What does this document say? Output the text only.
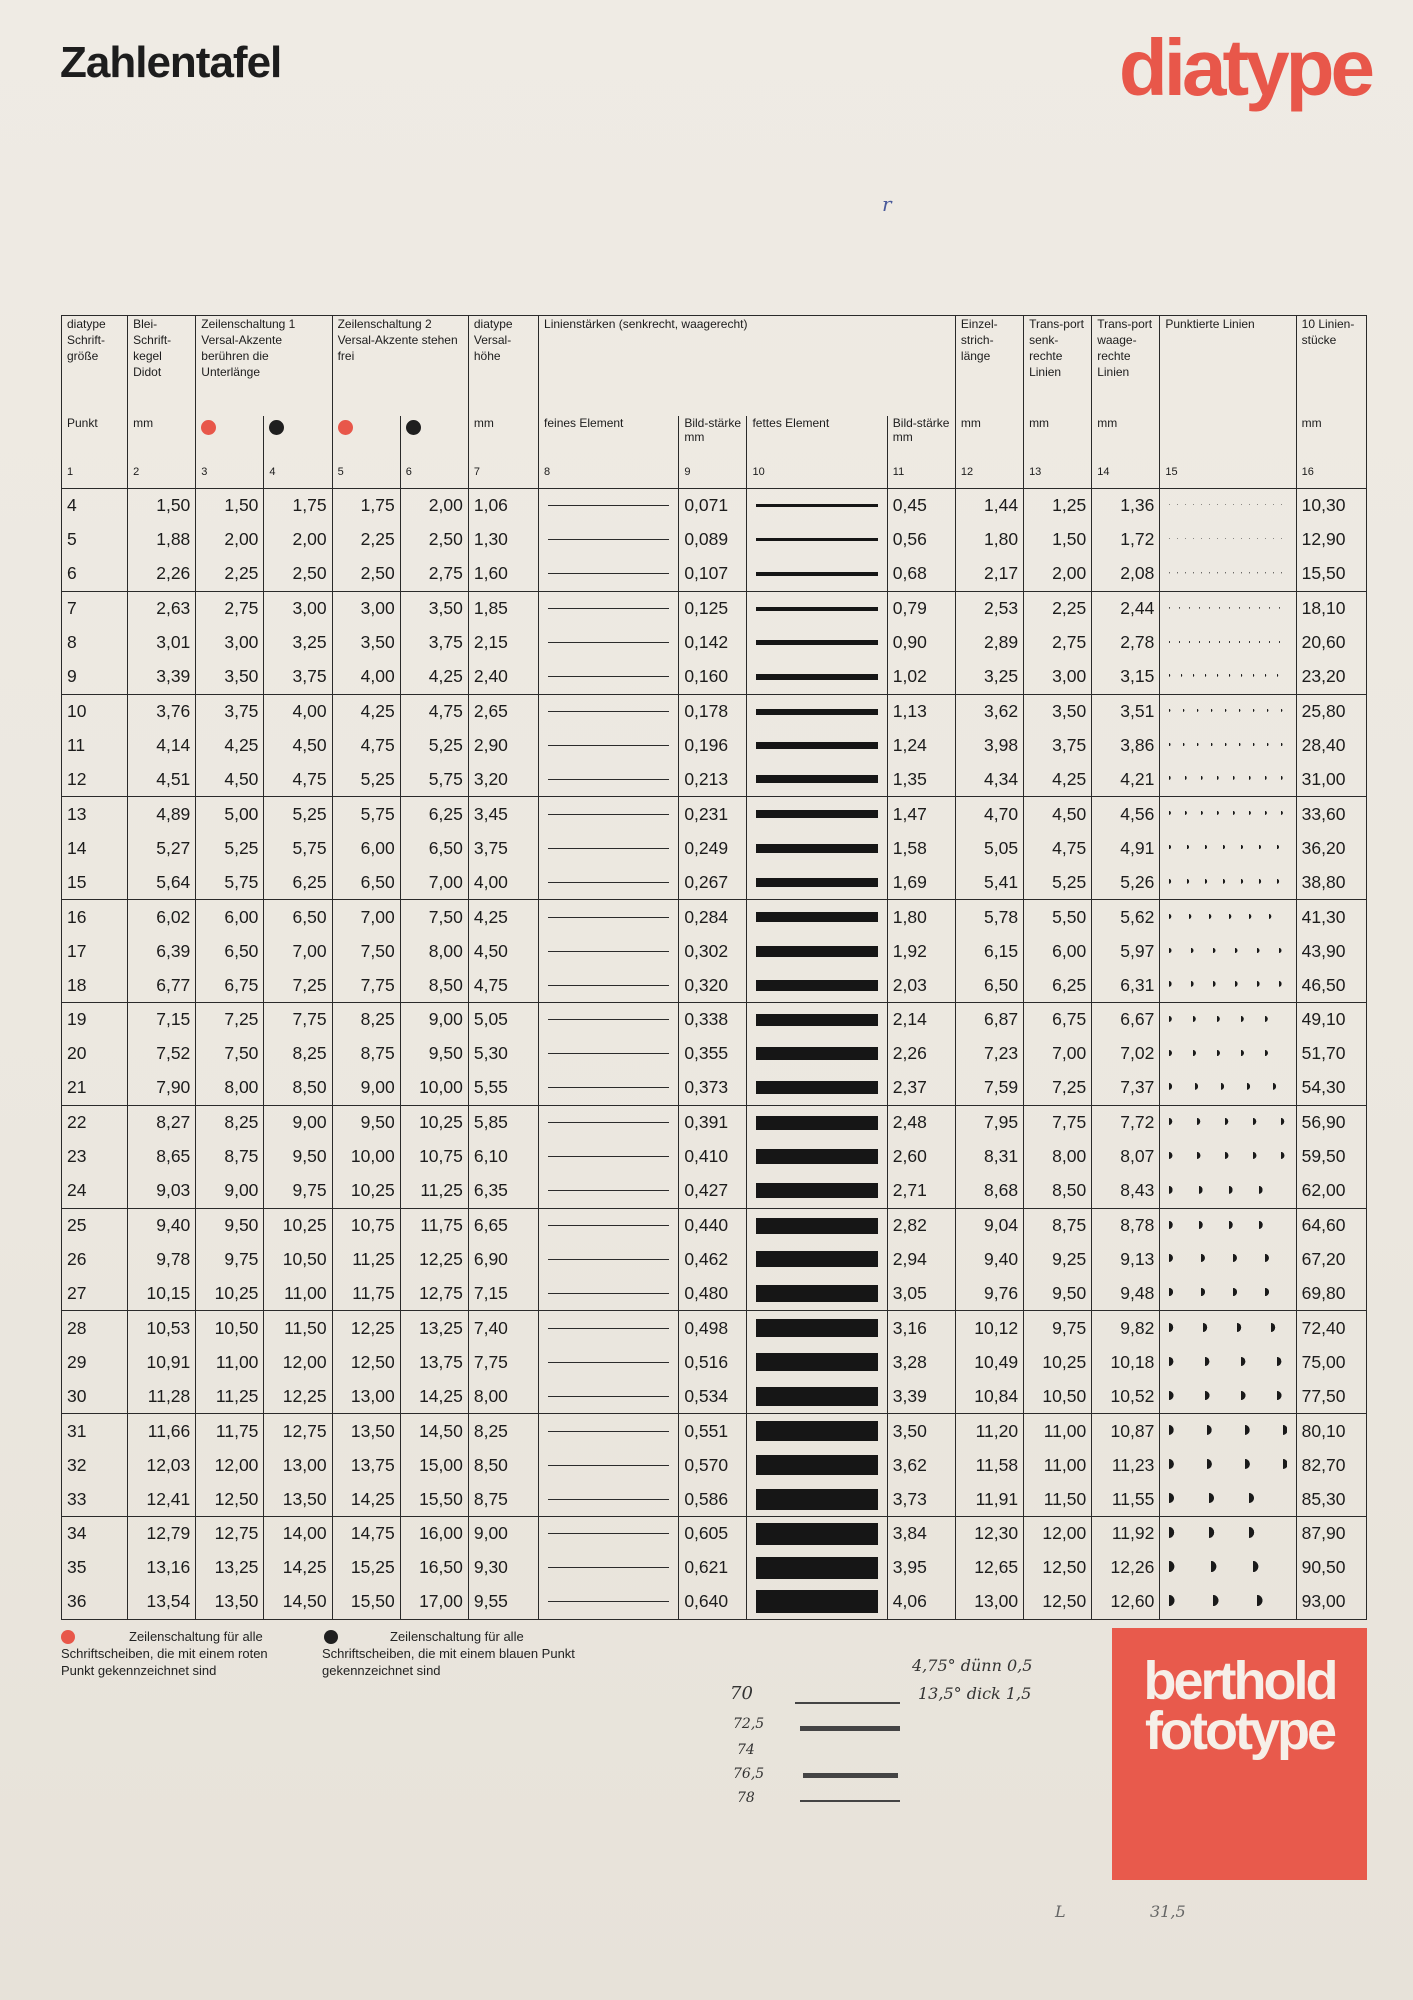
Zahlentafel	diatype
diatype Schrift-größe	Blei-Schrift-kegel Didot	Zeilenschaltung 1 Versal-Akzente berühren die Unterlänge		Zeilenschaltung 2 Versal-Akzente stehen frei		diatype Versal-höhe	Linienstärken (senkrecht, waagerecht)				Einzel-strich-länge	Trans-port senk-rechte Linien	Trans-port waage-rechte Linien	Punktierte Linien	10 Linien-stücke
Punkt	mm					mm	feines Element	Bild-stärke mm	fettes Element	Bild-stärke mm	mm	mm	mm		mm
1	2	3	4	5	6	7	8	9	10	11	12	13	14	15	16
4	1,50	1,50	1,75	1,75	2,00	1,06		0,071		0,45	1,44	1,25	1,36		10,30
5	1,88	2,00	2,00	2,25	2,50	1,30		0,089		0,56	1,80	1,50	1,72		12,90
6	2,26	2,25	2,50	2,50	2,75	1,60		0,107		0,68	2,17	2,00	2,08		15,50
7	2,63	2,75	3,00	3,00	3,50	1,85		0,125		0,79	2,53	2,25	2,44		18,10
8	3,01	3,00	3,25	3,50	3,75	2,15		0,142		0,90	2,89	2,75	2,78		20,60
9	3,39	3,50	3,75	4,00	4,25	2,40		0,160		1,02	3,25	3,00	3,15		23,20
10	3,76	3,75	4,00	4,25	4,75	2,65		0,178		1,13	3,62	3,50	3,51		25,80
11	4,14	4,25	4,50	4,75	5,25	2,90		0,196		1,24	3,98	3,75	3,86		28,40
12	4,51	4,50	4,75	5,25	5,75	3,20		0,213		1,35	4,34	4,25	4,21		31,00
13	4,89	5,00	5,25	5,75	6,25	3,45		0,231		1,47	4,70	4,50	4,56		33,60
14	5,27	5,25	5,75	6,00	6,50	3,75		0,249		1,58	5,05	4,75	4,91		36,20
15	5,64	5,75	6,25	6,50	7,00	4,00		0,267		1,69	5,41	5,25	5,26		38,80
16	6,02	6,00	6,50	7,00	7,50	4,25		0,284		1,80	5,78	5,50	5,62		41,30
17	6,39	6,50	7,00	7,50	8,00	4,50		0,302		1,92	6,15	6,00	5,97		43,90
18	6,77	6,75	7,25	7,75	8,50	4,75		0,320		2,03	6,50	6,25	6,31		46,50
19	7,15	7,25	7,75	8,25	9,00	5,05		0,338		2,14	6,87	6,75	6,67		49,10
20	7,52	7,50	8,25	8,75	9,50	5,30		0,355		2,26	7,23	7,00	7,02		51,70
21	7,90	8,00	8,50	9,00	10,00	5,55		0,373		2,37	7,59	7,25	7,37		54,30
22	8,27	8,25	9,00	9,50	10,25	5,85		0,391		2,48	7,95	7,75	7,72		56,90
23	8,65	8,75	9,50	10,00	10,75	6,10		0,410		2,60	8,31	8,00	8,07		59,50
24	9,03	9,00	9,75	10,25	11,25	6,35		0,427		2,71	8,68	8,50	8,43		62,00
25	9,40	9,50	10,25	10,75	11,75	6,65		0,440		2,82	9,04	8,75	8,78		64,60
26	9,78	9,75	10,50	11,25	12,25	6,90		0,462		2,94	9,40	9,25	9,13		67,20
27	10,15	10,25	11,00	11,75	12,75	7,15		0,480		3,05	9,76	9,50	9,48		69,80
28	10,53	10,50	11,50	12,25	13,25	7,40		0,498		3,16	10,12	9,75	9,82		72,40
29	10,91	11,00	12,00	12,50	13,75	7,75		0,516		3,28	10,49	10,25	10,18		75,00
30	11,28	11,25	12,25	13,00	14,25	8,00		0,534		3,39	10,84	10,50	10,52		77,50
31	11,66	11,75	12,75	13,50	14,50	8,25		0,551		3,50	11,20	11,00	10,87		80,10
32	12,03	12,00	13,00	13,75	15,00	8,50		0,570		3,62	11,58	11,00	11,23		82,70
33	12,41	12,50	13,50	14,25	15,50	8,75		0,586		3,73	11,91	11,50	11,55		85,30
34	12,79	12,75	14,00	14,75	16,00	9,00		0,605		3,84	12,30	12,00	11,92		87,90
35	13,16	13,25	14,25	15,25	16,50	9,30		0,621		3,95	12,65	12,50	12,26		90,50
36	13,54	13,50	14,50	15,50	17,00	9,55		0,640		4,06	13,00	12,50	12,60		93,00
Zeilenschaltung für alle Schriftscheiben, die mit einem roten Punkt gekennzeichnet sind
Zeilenschaltung für alle Schriftscheiben, die mit einem blauen Punkt gekennzeichnet sind	berthold
fototype
70
72,5
74
76,5
78
4,75° dünn 0,5
13,5° dick 1,5
31,5
L
r
